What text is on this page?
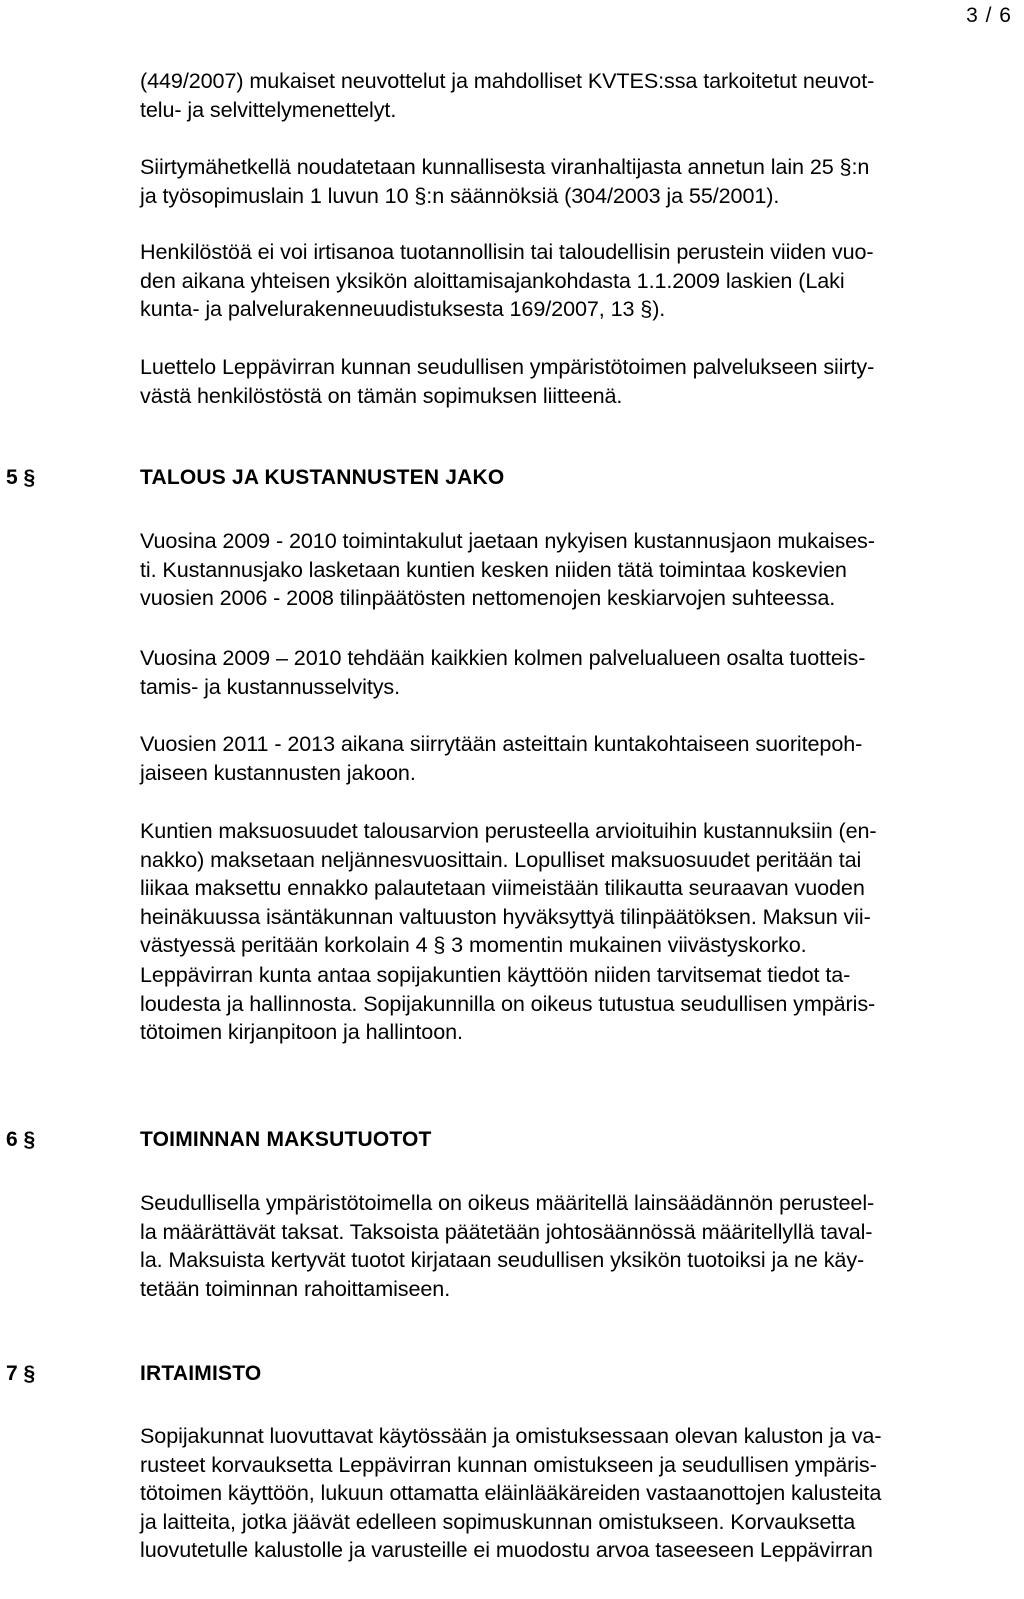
3 / 6

(449/2007) mukaiset neuvottelut ja mahdolliset KVTES:ssa tarkoitetut neuvot-
telu- ja selvittelymenettelyt.

Siirtymähetkellä noudatetaan kunnallisesta viranhaltijasta annetun lain 25 §:n
ja työsopimuslain 1 luvun 10 §:n säännöksiä (304/2003 ja 55/2001).

Henkilöstöä ei voi irtisanoa tuotannollisin tai taloudellisin perustein viiden vuo-
den aikana yhteisen yksikön aloittamisajankohdasta 1.1.2009 laskien (Laki
kunta- ja palvelurakenneuudistuksesta 169/2007, 13 §).

Luettelo Leppävirran kunnan seudullisen ympäristötoimen palvelukseen siirty-
västä henkilöstöstä on tämän sopimuksen liitteenä.

5 §	TALOUS JA KUSTANNUSTEN JAKO

Vuosina 2009 - 2010 toimintakulut jaetaan nykyisen kustannusjaon mukaises-
ti. Kustannusjako lasketaan kuntien kesken niiden tätä toimintaa koskevien
vuosien 2006 - 2008 tilinpäätösten nettomenojen keskiarvojen suhteessa.

Vuosina 2009 – 2010 tehdään kaikkien kolmen palvelualueen osalta tuotteis-
tamis- ja kustannusselvitys.

Vuosien 2011 - 2013 aikana siirrytään asteittain kuntakohtaiseen suoritepoh-
jaiseen kustannusten jakoon.

Kuntien maksuosuudet talousarvion perusteella arvioituihin kustannuksiin (en-
nakko) maksetaan neljännesvuosittain. Lopulliset maksuosuudet peritään tai
liikaa maksettu ennakko palautetaan viimeistään tilikautta seuraavan vuoden
heinäkuussa isäntäkunnan valtuuston hyväksyttyä tilinpäätöksen. Maksun vii-
västyessä peritään korkolain 4 § 3 momentin mukainen viivästyskorko.

Leppävirran kunta antaa sopijakuntien käyttöön niiden tarvitsemat tiedot ta-
loudesta ja hallinnosta. Sopijakunnilla on oikeus tutustua seudullisen ympäris-
tötoimen kirjanpitoon ja hallintoon.

6 §	TOIMINNAN MAKSUTUOTOT

Seudullisella ympäristötoimella on oikeus määritellä lainsäädännön perusteel-
la määrättävät taksat. Taksoista päätetään johtosäännössä määritellyllä taval-
la. Maksuista kertyvät tuotot kirjataan seudullisen yksikön tuotoiksi ja ne käy-
tetään toiminnan rahoittamiseen.

7 §	IRTAIMISTO

Sopijakunnat luovuttavat käytössään ja omistuksessaan olevan kaluston ja va-
rusteet korvauksetta Leppävirran kunnan omistukseen ja seudullisen ympäris-
tötoimen käyttöön, lukuun ottamatta eläinlääkäreiden vastaanottojen kalusteita
ja laitteita, jotka jäävät edelleen sopimuskunnan omistukseen. Korvauksetta
luovutetulle kalustolle ja varusteille ei muodostu arvoa taseeseen Leppävirran
